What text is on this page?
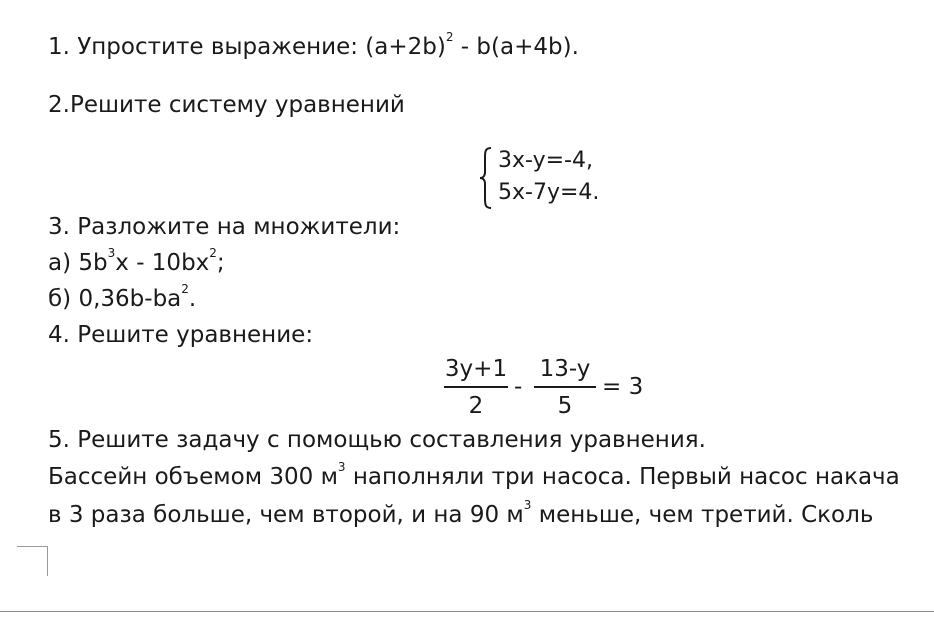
1. Упростите выражение: $(a+2b)^2 - b(a+4b)$.
2.Решите систему уравнений
3x-y=-4,
5x-7y=4.
3. Разложите на множители:
а) $5b^3x - 10bx^2$;
б) $0,36b-ba^2$.
4. Решите уравнение:
3y+1
2
-
13-y
5
= 3
5. Решите задачу с помощью составления уравнения.
Бассейн объемом 300 $м^3$ наполняли три насоса. Первый насос накача
в 3 раза больше, чем второй, и на 90 $м^3$ меньше, чем третий. Сколь
